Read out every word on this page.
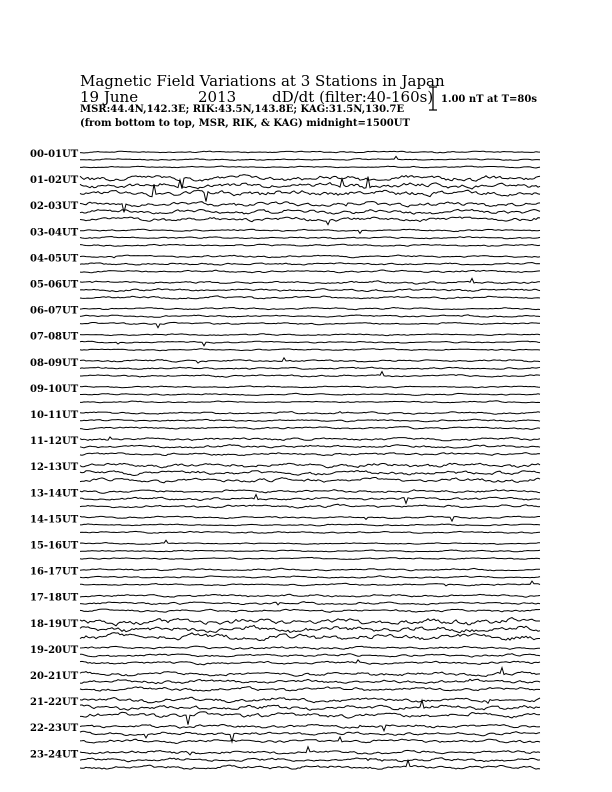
Magnetic Field Variations at 3 Stations in Japan
19 June	2013 dD/dt (filter:40-160s)
MSR:44.4N,142.3E; RIK:43.5N,143.8E; KAG:31.5N,130.7E
(from bottom to top, MSR, RIK, & KAG) midnight=1500UT
1.00 nT at T=80s
00-01UT
01-02UT
02-03UT
03-04UT
04-05UT
05-06UT
06-07UT
07-08UT
08-09UT
09-10UT
10-11UT
11-12UT
12-13UT
13-14UT
14-15UT
15-16UT
16-17UT
17-18UT
18-19UT
19-20UT
20-21UT
21-22UT
22-23UT
23-24UT
